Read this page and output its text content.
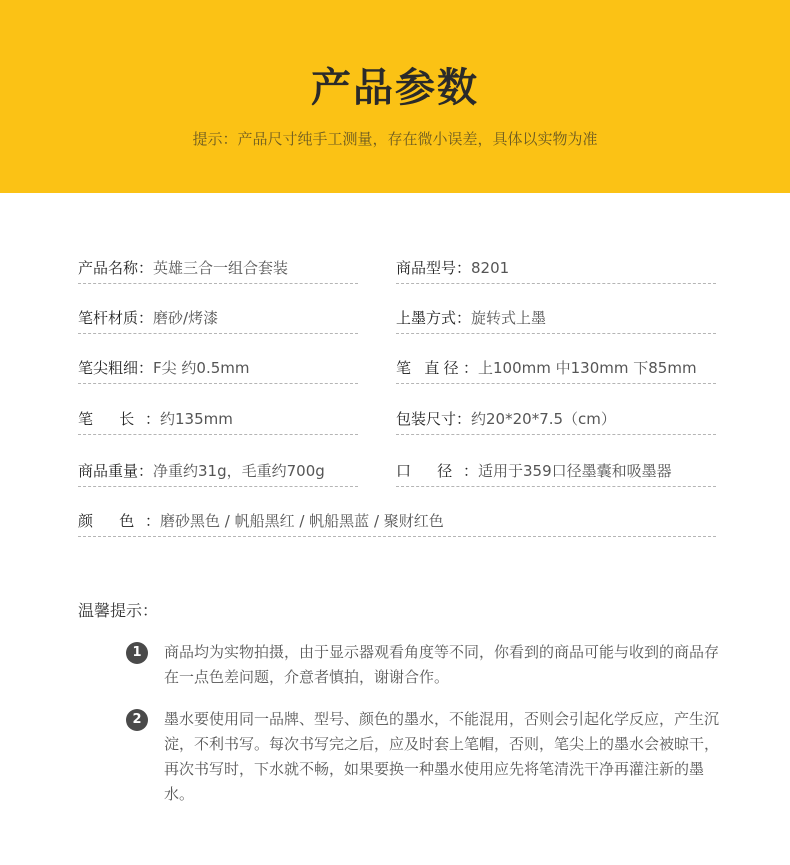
产品参数
提示：产品尺寸纯手工测量，存在微小误差，具体以实物为准
产品名称：英雄三合一组合套装	商品型号：8201
笔杆材质：磨砂/烤漆	上墨方式：旋转式上墨
笔尖粗细：F尖 约0.5mm	笔 直径：上100mm 中130mm 下85mm
笔 长：约135mm	包装尺寸：约20*20*7.5（cm）
商品重量：净重约31g，毛重约700g	口 径：适用于359口径墨囊和吸墨器
颜 色：磨砂黑色 / 帆船黑红 / 帆船黑蓝 / 聚财红色
温馨提示：
1	商品均为实物拍摄，由于显示器观看角度等不同，你看到的商品可能与收到的商品存在一点色差问题，介意者慎拍，谢谢合作。
2	墨水要使用同一品牌、型号、颜色的墨水，不能混用，否则会引起化学反应，产生沉淀，不利书写。每次书写完之后，应及时套上笔帽，否则，笔尖上的墨水会被晾干，再次书写时，下水就不畅，如果要换一种墨水使用应先将笔清洗干净再灌注新的墨水。
